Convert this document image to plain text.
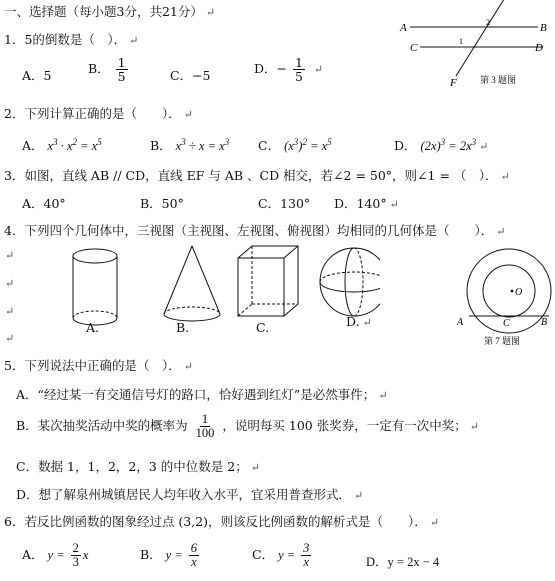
一、选择题（每小题3分，共21分） ↵
1．5的倒数是（　）． ↵
A．5	B． $\frac{1}{5}$	C．−5	D．− $\frac{1}{5}$ ↵
A	B
C	D
F
1
2
第 3 题图
2．下列计算正确的是（　　）． ↵
A． $x^3 \cdot x^2 = x^5$	B． $x^3 \div x = x^3$ C． $(x^3)^2 = x^5$	D． $(2x)^3 = 2x^3$ ↵
3．如图，直线 AB // CD，直线 EF 与 AB 、CD 相交，若∠2 = 50°，则∠1 = （　）． ↵
A．40°	B．50°	C．130° D．140° ↵
4．下列四个几何体中，三视图（主视图、左视图、俯视图）均相同的几何体是（　　）． ↵
↵
↵
↵
↵
A.	B.	C.	D. ↵
O
A	B
C
第 7 题图
5．下列说法中正确的是（　）． ↵
A．“经过某一有交通信号灯的路口，恰好遇到红灯”是必然事件； ↵
B．某次抽奖活动中奖的概率为 $\frac{1}{100}$ ，说明每买 100 张奖券，一定有一次中奖； ↵
C．数据 1，1，2，2，3 的中位数是 2； ↵
D．想了解泉州城镇居民人均年收入水平，宜采用普查形式． ↵
6．若反比例函数的图象经过点 (3,2)，则该反比例函数的解析式是（　　）． ↵
A． $y = \frac{2}{3}$ x	B． $y = \frac{6}{x}$	C． $y = \frac{3}{x}$	D．y = 2x − 4
